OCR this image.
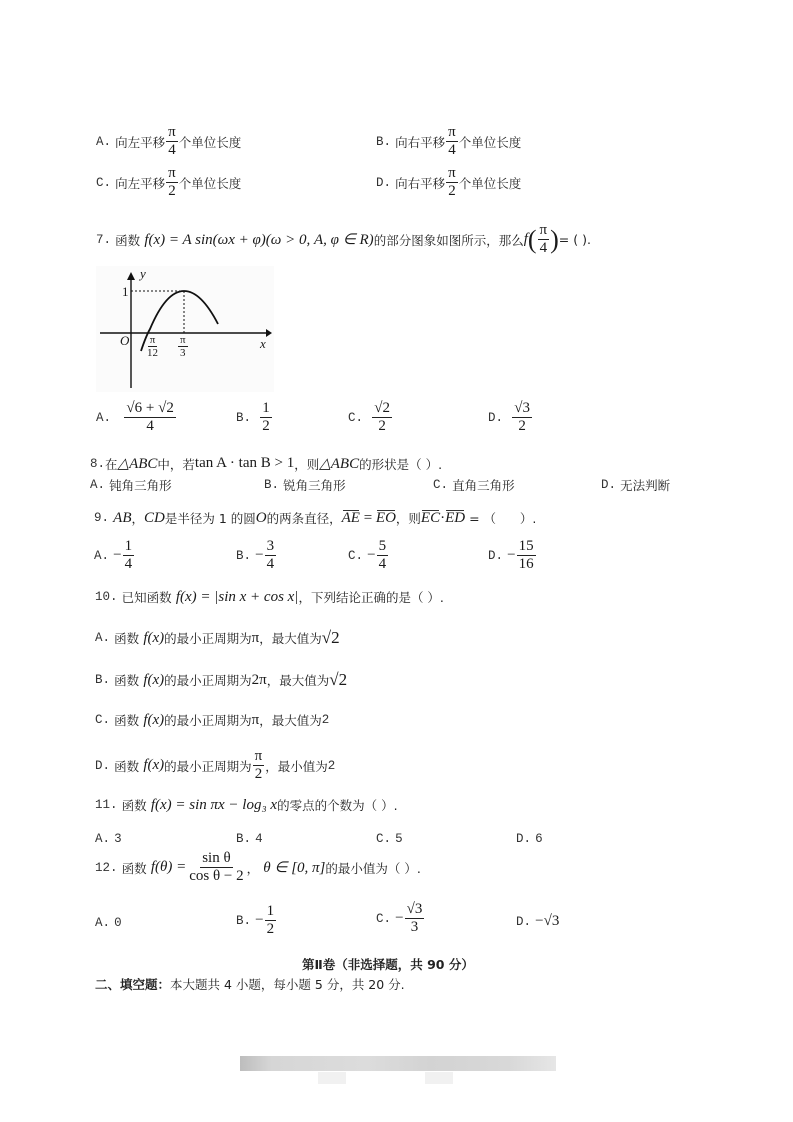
A.
向左平移 $\frac{\pi}{4}$ 个单位长度	B.
向右平移 $\frac{\pi}{4}$ 个单位长度
C.
向左平移 $\frac{\pi}{2}$ 个单位长度	D.
向右平移 $\frac{\pi}{2}$ 个单位长度
7.
函数
f(x) = A sin(ωx + φ)(ω > 0, A, φ ∈ R) 的部分图象如图所示，那么 f ( $\frac{\pi}{4}$ ) = ( ).
y
1
O	x
$\frac{\pi}{12} \frac{\pi}{3}$
A.
$\frac{√6 + √2}{4}$	B.
$\frac{1}{2}$	C.
$\frac{√2}{2}$	D.
$\frac{√3}{2}$
8. 在 △ABC 中，若 tan A · tan B > 1 ，则 △ABC 的形状是（ ）.
A.
钝角三角形	B.
锐角三角形	C.
直角三角形	D.
无法判断
9.
AB ， CD 是半径为 1 的圆 O 的两条直径， AE = EO ，则 EC · ED = （      ）.
A.
− $\frac{1}{4}$	B.
− $\frac{3}{4}$	C.
− $\frac{5}{4}$	D.
− $\frac{15}{16}$
10.
已知函数
f(x) = |sin x + cos x| ，下列结论正确的是（ ）.
A.
函数
f(x) 的最小正周期为 π ，最大值为 √2
B.
函数
f(x) 的最小正周期为 2π ，最大值为 √2
C.
函数
f(x) 的最小正周期为 π ，最大值为 2
D.
函数
f(x) 的最小正周期为 $\frac{\pi}{2}$ ，最小值为 2
11.
函数
f(x) = sin πx − log₃ x 的零点的个数为（ ）.
A.
3	B.
4	C.
5	D.
6
12.
函数
$f(\theta) = \frac{\text{sin θ}}{\text{cos θ − 2}}$ ，
θ ∈ [0, π] 的最小值为（ ）.
A.
0	B.
− $\frac{1}{2}$	C.
− $\frac{√3}{3}$	D.
−√3
第Ⅱ卷（非选择题，共 90 分）
二、填空题： 本大题共 4 小题，每小题 5 分，共 20 分.
